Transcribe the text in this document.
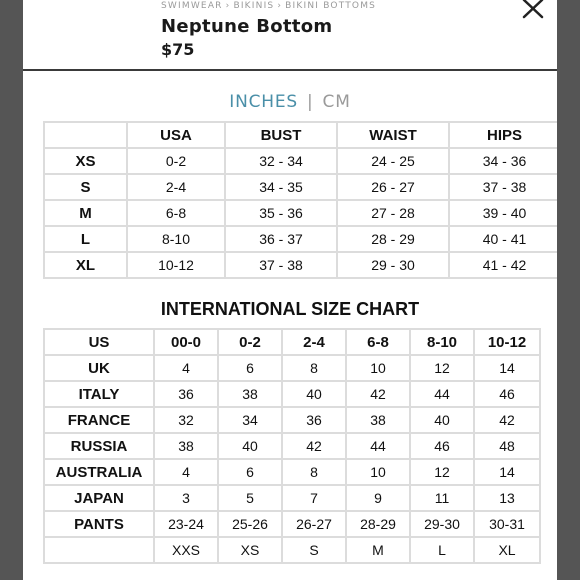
SWIMWEAR › BIKINIS › BIKINI BOTTOMS
Neptune Bottom
$75
INCHES | CM
	USA	BUST	WAIST	HIPS
XS	0-2	32 - 34	24 - 25	34 - 36
S	2-4	34 - 35	26 - 27	37 - 38
M	6-8	35 - 36	27 - 28	39 - 40
L	8-10	36 - 37	28 - 29	40 - 41
XL	10-12	37 - 38	29 - 30	41 - 42
INTERNATIONAL SIZE CHART
US	00-0	0-2	2-4	6-8	8-10	10-12
UK	4	6	8	10	12	14
ITALY	36	38	40	42	44	46
FRANCE	32	34	36	38	40	42
RUSSIA	38	40	42	44	46	48
AUSTRALIA	4	6	8	10	12	14
JAPAN	3	5	7	9	11	13
PANTS	23-24	25-26	26-27	28-29	29-30	30-31
	XXS	XS	S	M	L	XL
